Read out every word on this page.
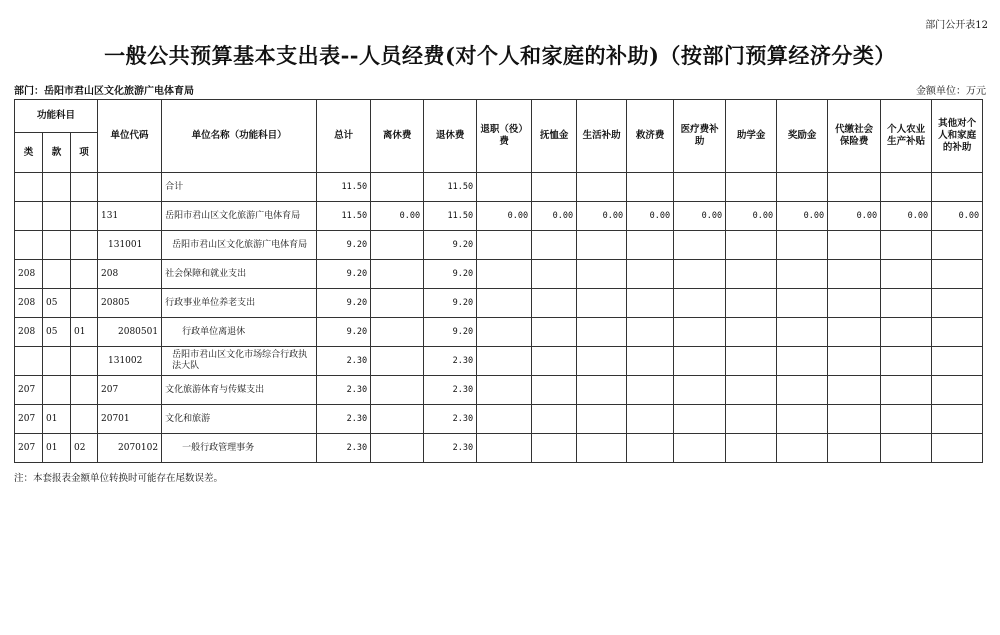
部门公开表12
一般公共预算基本支出表--人员经费(对个人和家庭的补助)（按部门预算经济分类）
部门：岳阳市君山区文化旅游广电体育局	金额单位：万元
功能科目			单位代码	单位名称（功能科目）	总计	离休费	退休费	退职（役）费	抚恤金	生活补助	救济费	医疗费补助	助学金	奖励金	代缴社会保险费	个人农业生产补贴	其他对个人和家庭的补助
类	款	项															
				合计	11.50		11.50										
			131	岳阳市君山区文化旅游广电体育局	11.50	0.00	11.50	0.00	0.00	0.00	0.00	0.00	0.00	0.00	0.00	0.00	0.00
			131001	岳阳市君山区文化旅游广电体育局	9.20		9.20										
208			208	社会保障和就业支出	9.20		9.20										
208	05		20805	行政事业单位养老支出	9.20		9.20										
208	05	01	2080501	行政单位离退休	9.20		9.20										
			131002	岳阳市君山区文化市场综合行政执法大队	2.30		2.30										
207			207	文化旅游体育与传媒支出	2.30		2.30										
207	01		20701	文化和旅游	2.30		2.30										
207	01	02	2070102	一般行政管理事务	2.30		2.30										
注：本套报表金额单位转换时可能存在尾数误差。
